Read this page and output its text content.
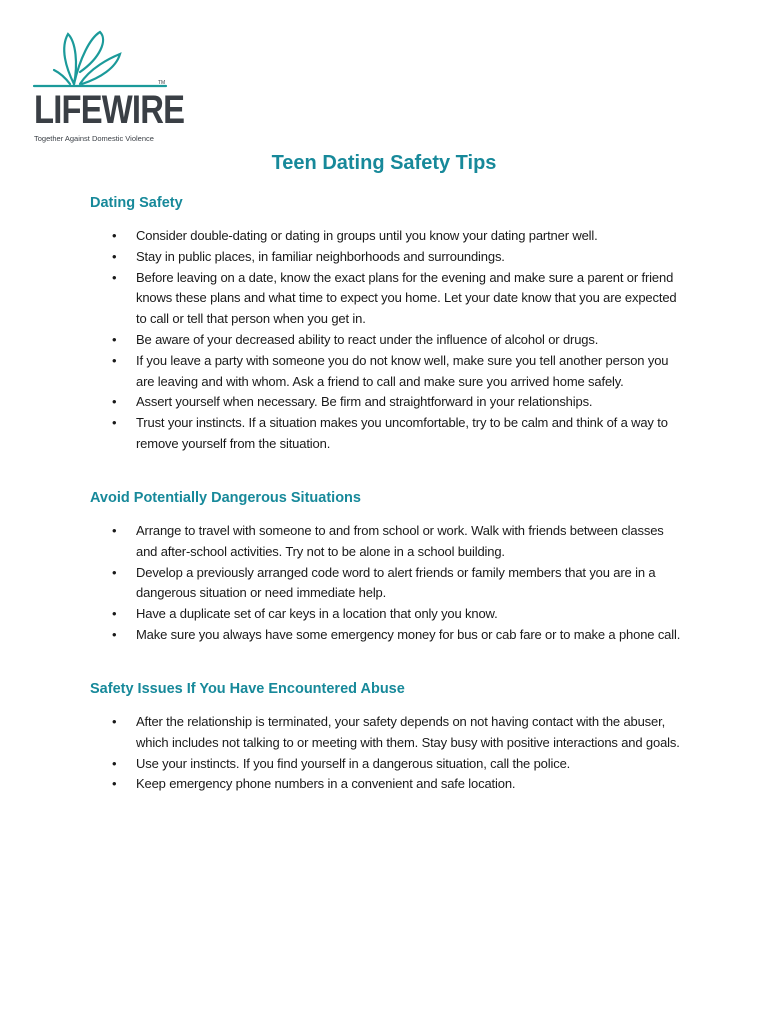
TM
LIFEWIRE
Together Against Domestic Violence
Teen Dating Safety Tips
Dating Safety
• Consider double-dating or dating in groups until you know your dating partner well.
• Stay in public places, in familiar neighborhoods and surroundings.
• Before leaving on a date, know the exact plans for the evening and make sure a parent or friend knows these plans and what time to expect you home. Let your date know that you are expected to call or tell that person when you get in.
• Be aware of your decreased ability to react under the influence of alcohol or drugs.
• If you leave a party with someone you do not know well, make sure you tell another person you are leaving and with whom. Ask a friend to call and make sure you arrived home safely.
• Assert yourself when necessary. Be firm and straightforward in your relationships.
• Trust your instincts. If a situation makes you uncomfortable, try to be calm and think of a way to remove yourself from the situation.
Avoid Potentially Dangerous Situations
• Arrange to travel with someone to and from school or work. Walk with friends between classes and after-school activities. Try not to be alone in a school building.
• Develop a previously arranged code word to alert friends or family members that you are in a dangerous situation or need immediate help.
• Have a duplicate set of car keys in a location that only you know.
• Make sure you always have some emergency money for bus or cab fare or to make a phone call.
Safety Issues If You Have Encountered Abuse
• After the relationship is terminated, your safety depends on not having contact with the abuser, which includes not talking to or meeting with them. Stay busy with positive interactions and goals.
• Use your instincts. If you find yourself in a dangerous situation, call the police.
• Keep emergency phone numbers in a convenient and safe location.
